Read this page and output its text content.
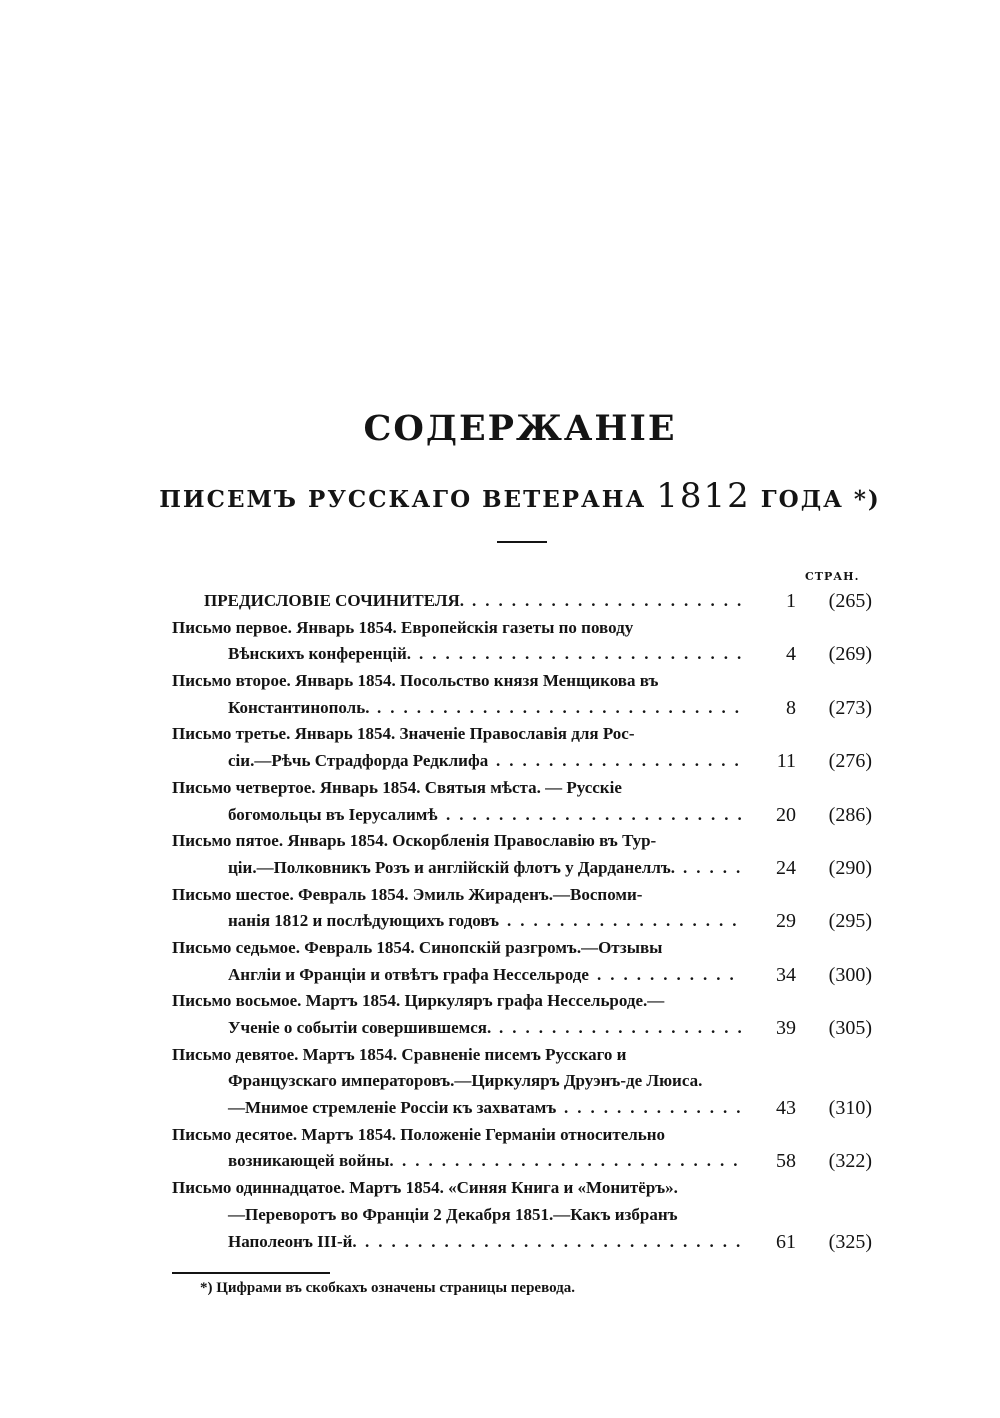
СОДЕРЖАНІЕ
ПИСЕМЪ РУССКАГО ВЕТЕРАНА 1812 ГОДА *)
СТРАН.
ПРЕДИСЛОВІЕ СОЧИНИТЕЛЯ. .....................	1 (265)
Письмо первое. Январь 1854. Европейскія газеты по поводу
Вѣнскихъ конференцій. .........................	4 (269)
Письмо второе. Январь 1854. Посольство князя Менщикова въ
Константинополь. ............................	8 (273)
Письмо третье. Январь 1854. Значеніе Православія для Рос-
сіи.—Рѣчь Страдфорда Редклифа ...................	11 (276)
Письмо четвертое. Январь 1854. Святыя мѣста. — Русскіе
богомольцы въ Іерусалимѣ .......................	20 (286)
Письмо пятое. Январь 1854. Оскорбленія Православію въ Тур-
ціи.—Полковникъ Розъ и англійскій флотъ у Дарданеллъ. .....	24 (290)
Письмо шестое. Февраль 1854. Эмиль Жираденъ.—Воспоми-
нанія 1812 и послѣдующихъ годовъ ..................	29 (295)
Письмо седьмое. Февраль 1854. Синопскій разгромъ.—Отзывы
Англіи и Франціи и отвѣтъ графа Нессельроде ...........	34 (300)
Письмо восьмое. Мартъ 1854. Циркуляръ графа Нессельроде.—
Ученіе о событіи совершившемся. ...................	39 (305)
Письмо девятое. Мартъ 1854. Сравненіе писемъ Русскаго и
Французскаго императоровъ.—Циркуляръ Друэнъ-де Люиса.
—Мнимое стремленіе Россіи къ захватамъ ..............	43 (310)
Письмо десятое. Мартъ 1854. Положеніе Германіи относительно
возникающей войны. ..........................	58 (322)
Письмо одиннадцатое. Мартъ 1854. «Синяя Книга и «Монитёръ».
—Переворотъ во Франціи 2 Декабря 1851.—Какъ избранъ
Наполеонъ III-й. .............................	61 (325)
*) Цифрами въ скобкахъ означены страницы перевода.
